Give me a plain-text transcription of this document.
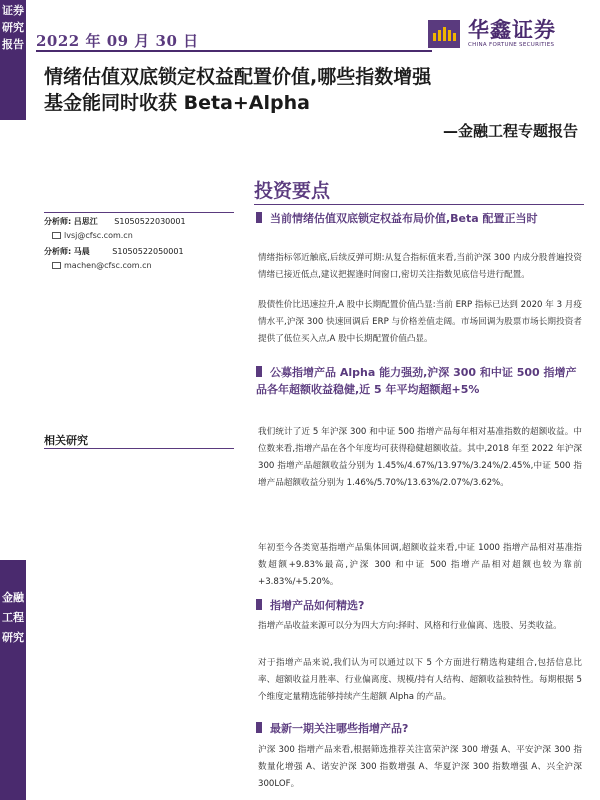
证券研究报告
金融工程研究
2022 年 09 月 30 日	华鑫证券
CHINA FORTUNE SECURITIES
情绪估值双底锁定权益配置价值,哪些指数增强
基金能同时收获 Beta+Alpha
—金融工程专题报告
投资要点
分析师: 吕思江 S1050522030001
lvsj@cfsc.com.cn
分析师: 马晨	S1050522050001
machen@cfsc.com.cn
相关研究
当前情绪估值双底锁定权益布局价值,Beta 配置正当时
情绪指标邻近触底,后续反弹可期:从复合指标值来看,当前沪深 300 内成分股普遍投资情绪已接近低点,建议把握逢时间窗口,密切关注指数见底信号进行配置。
股债性价比迅速拉升,A 股中长期配置价值凸显:当前 ERP 指标已达到 2020 年 3 月疫情水平,沪深 300 快速回调后 ERP 与价格差值走阔。市场回调为股票市场长期投资者提供了低位买入点,A 股中长期配置价值凸显。
公募指增产品 Alpha 能力强劲,沪深 300 和中证 500 指增产品各年超额收益稳健,近 5 年平均超额超+5%
我们统计了近 5 年沪深 300 和中证 500 指增产品每年相对基准指数的超额收益。中位数来看,指增产品在各个年度均可获得稳健超额收益。其中,2018 年至 2022 年沪深 300 指增产品超额收益分别为 1.45%/4.67%/13.97%/3.24%/2.45%,中证 500 指增产品超额收益分别为 1.46%/5.70%/13.63%/2.07%/3.62%。
年初至今各类宽基指增产品集体回调,超额收益来看,中证 1000 指增产品相对基准指数超额+9.83%最高,沪深 300 和中证 500 指增产品相对超额也较为靠前+3.83%/+5.20%。
指增产品如何精选?
指增产品收益来源可以分为四大方向:择时、风格和行业偏离、选股、另类收益。
对于指增产品来说,我们认为可以通过以下 5 个方面进行精选构建组合,包括信息比率、超额收益月胜率、行业偏离度、规模/持有人结构、超额收益独特性。每期根据 5 个维度定量精选能够持续产生超额 Alpha 的产品。
最新一期关注哪些指增产品?
沪深 300 指增产品来看,根据筛选推荐关注富荣沪深 300 增强 A、平安沪深 300 指数量化增强 A、诺安沪深 300 指数增强 A、华夏沪深 300 指数增强 A、兴全沪深 300LOF。
